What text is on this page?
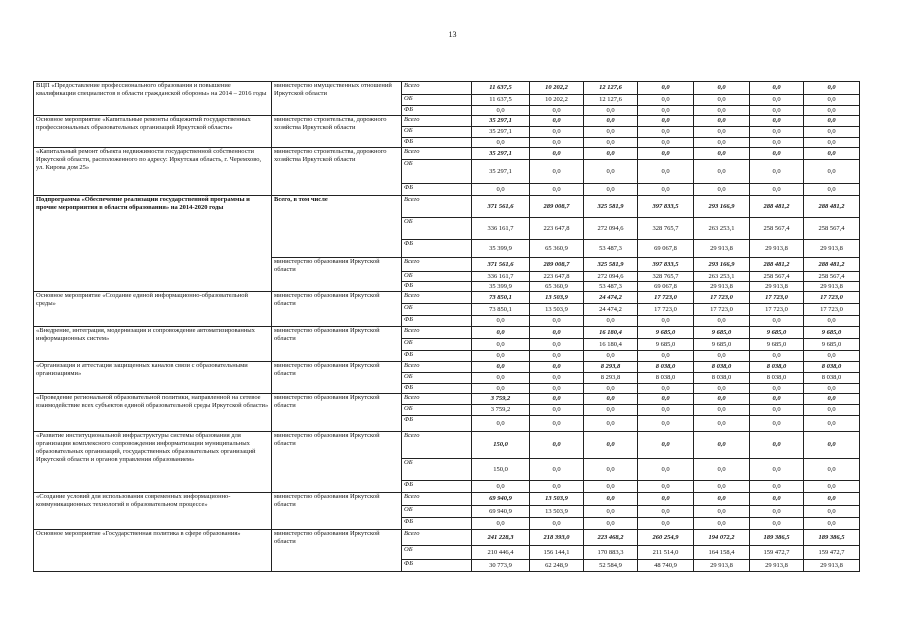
13
ВЦП «Предоставление профессионального образования и повышение квалификации специалистов в области гражданской обороны» на 2014 – 2016 годы	министерство имущественных отношений Иркутской области	Всего	11 637,5	10 202,2	12 127,6	0,0	0,0	0,0	0,0
		ОБ	11 637,5	10 202,2	12 127,6	0,0	0,0	0,0	0,0
		ФБ	0,0	0,0	0,0	0,0	0,0	0,0	0,0
Основное мероприятие «Капитальные ремонты общежитий государственных профессиональных образовательных организаций Иркутской области»	министерство строительства, дорожного хозяйства Иркутской области	Всего	35 297,1	0,0	0,0	0,0	0,0	0,0	0,0
		ОБ	35 297,1	0,0	0,0	0,0	0,0	0,0	0,0
		ФБ	0,0	0,0	0,0	0,0	0,0	0,0	0,0
«Капитальный ремонт объекта недвижимости государственной собственности Иркутской области, расположенного по адресу: Иркутская область, г. Черемхово, ул. Кирова дом 25»	министерство строительства, дорожного хозяйства Иркутской области	Всего	35 297,1	0,0	0,0	0,0	0,0	0,0	0,0
		ОБ	35 297,1	0,0	0,0	0,0	0,0	0,0	0,0
		ФБ	0,0	0,0	0,0	0,0	0,0	0,0	0,0
Подпрограмма «Обеспечение реализации государственной программы и прочие мероприятия в области образования» на 2014-2020 годы	Всего, в том числе	Всего	371 561,6	289 008,7	325 581,9	397 833,5	293 166,9	288 481,2	288 481,2
		ОБ	336 161,7	223 647,8	272 094,6	328 765,7	263 253,1	258 567,4	258 567,4
		ФБ	35 399,9	65 360,9	53 487,3	69 067,8	29 913,8	29 913,8	29 913,8
	министерство образования Иркутской области	Всего	371 561,6	289 008,7	325 581,9	397 833,5	293 166,9	288 481,2	288 481,2
		ОБ	336 161,7	223 647,8	272 094,6	328 765,7	263 253,1	258 567,4	258 567,4
		ФБ	35 399,9	65 360,9	53 487,3	69 067,8	29 913,8	29 913,8	29 913,8
Основное мероприятие «Создание единой информационно-образовательной среды»	министерство образования Иркутской области	Всего	73 850,1	13 503,9	24 474,2	17 723,0	17 723,0	17 723,0	17 723,0
		ОБ	73 850,1	13 503,9	24 474,2	17 723,0	17 723,0	17 723,0	17 723,0
		ФБ	0,0	0,0	0,0	0,0	0,0	0,0	0,0
«Внедрение, интеграция, модернизация и сопровождение автоматизированных информационных систем»	министерство образования Иркутской области	Всего	0,0	0,0	16 180,4	9 685,0	9 685,0	9 685,0	9 685,0
		ОБ	0,0	0,0	16 180,4	9 685,0	9 685,0	9 685,0	9 685,0
		ФБ	0,0	0,0	0,0	0,0	0,0	0,0	0,0
«Организация и аттестация защищенных каналов связи с образовательными организациями»	министерство образования Иркутской области	Всего	0,0	0,0	8 293,8	8 038,0	8 038,0	8 038,0	8 038,0
		ОБ	0,0	0,0	8 293,8	8 038,0	8 038,0	8 038,0	8 038,0
		ФБ	0,0	0,0	0,0	0,0	0,0	0,0	0,0
«Проведение региональной образовательной политики, направленной на сетевое взаимодействие всех субъектов единой образовательной среды Иркутской области»	министерство образования Иркутской области	Всего	3 759,2	0,0	0,0	0,0	0,0	0,0	0,0
		ОБ	3 759,2	0,0	0,0	0,0	0,0	0,0	0,0
		ФБ	0,0	0,0	0,0	0,0	0,0	0,0	0,0
«Развитие институциональной инфраструктуры системы образования для организации комплексного сопровождения информатизации муниципальных образовательных организаций, государственных образовательных организаций Иркутской области и органов управления образованием»	министерство образования Иркутской области	Всего	150,0	0,0	0,0	0,0	0,0	0,0	0,0
		ОБ	150,0	0,0	0,0	0,0	0,0	0,0	0,0
		ФБ	0,0	0,0	0,0	0,0	0,0	0,0	0,0
«Создание условий для использования современных информационно-коммуникационных технологий в образовательном процессе»	министерство образования Иркутской области	Всего	69 940,9	13 503,9	0,0	0,0	0,0	0,0	0,0
		ОБ	69 940,9	13 503,9	0,0	0,0	0,0	0,0	0,0
		ФБ	0,0	0,0	0,0	0,0	0,0	0,0	0,0
Основное мероприятие «Государственная политика в сфере образования»	министерство образования Иркутской области	Всего	241 228,3	218 393,0	223 468,2	260 254,9	194 072,2	189 386,5	189 386,5
		ОБ	210 446,4	156 144,1	170 883,3	211 514,0	164 158,4	159 472,7	159 472,7
		ФБ	30 773,9	62 248,9	52 584,9	48 740,9	29 913,8	29 913,8	29 913,8
